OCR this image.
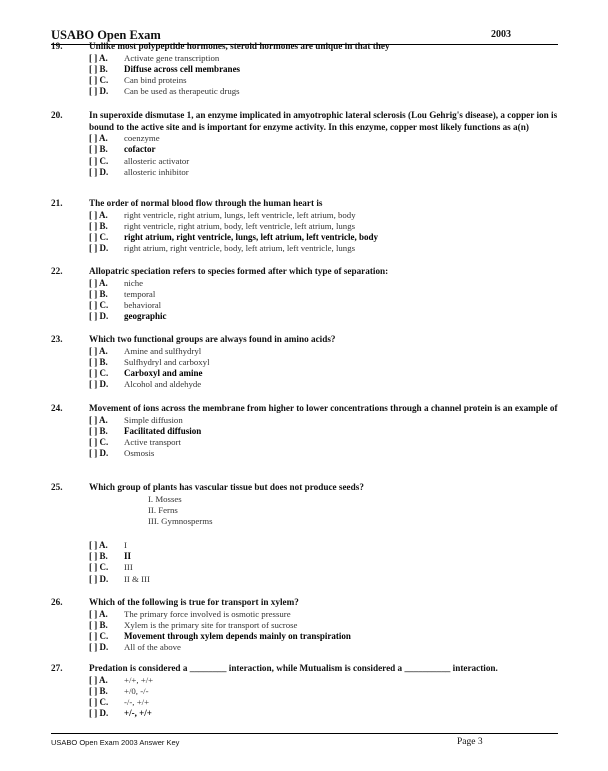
USABO Open Exam	2003
19.	Unlike most polypeptide hormones, steroid hormones are unique in that they
[ ] A.	Activate gene transcription
[ ] B.	Diffuse across cell membranes
[ ] C.	Can bind proteins
[ ] D.	Can be used as therapeutic drugs
20.	In superoxide dismutase 1, an enzyme implicated in amyotrophic lateral sclerosis (Lou Gehrig's disease), a copper ion is bound to the active site and is important for enzyme activity. In this enzyme, copper most likely functions as a(n)
[ ] A.	coenzyme
[ ] B.	cofactor
[ ] C.	allosteric activator
[ ] D.	allosteric inhibitor
21.	The order of normal blood flow through the human heart is
[ ] A.	right ventricle, right atrium, lungs, left ventricle, left atrium, body
[ ] B.	right ventricle, right atrium, body, left ventricle, left atrium, lungs
[ ] C.	right atrium, right ventricle, lungs, left atrium, left ventricle, body
[ ] D.	right atrium, right ventricle, body, left atrium, left ventricle, lungs
22.	Allopatric speciation refers to species formed after which type of separation:
[ ] A.	niche
[ ] B.	temporal
[ ] C.	behavioral
[ ] D.	geographic
23.	Which two functional groups are always found in amino acids?
[ ] A.	Amine and sulfhydryl
[ ] B.	Sulfhydryl and carboxyl
[ ] C.	Carboxyl and amine
[ ] D.	Alcohol and aldehyde
24.	Movement of ions across the membrane from higher to lower concentrations through a channel protein is an example of
[ ] A.	Simple diffusion
[ ] B.	Facilitated diffusion
[ ] C.	Active transport
[ ] D.	Osmosis
25.	Which group of plants has vascular tissue but does not produce seeds?
I. Mosses
II. Ferns
III. Gymnosperms
[ ] A.	I
[ ] B.	II
[ ] C.	III
[ ] D.	II & III
26.	Which of the following is true for transport in xylem?
[ ] A.	The primary force involved is osmotic pressure
[ ] B.	Xylem is the primary site for transport of sucrose
[ ] C.	Movement through xylem depends mainly on transpiration
[ ] D.	All of the above
27.	Predation is considered a ________ interaction, while Mutualism is considered a __________ interaction.
[ ] A.	+/+, +/+
[ ] B.	+/0, -/-
[ ] C.	-/-, +/+
[ ] D.	+/-, +/+
USABO Open Exam 2003 Answer Key	Page 3
